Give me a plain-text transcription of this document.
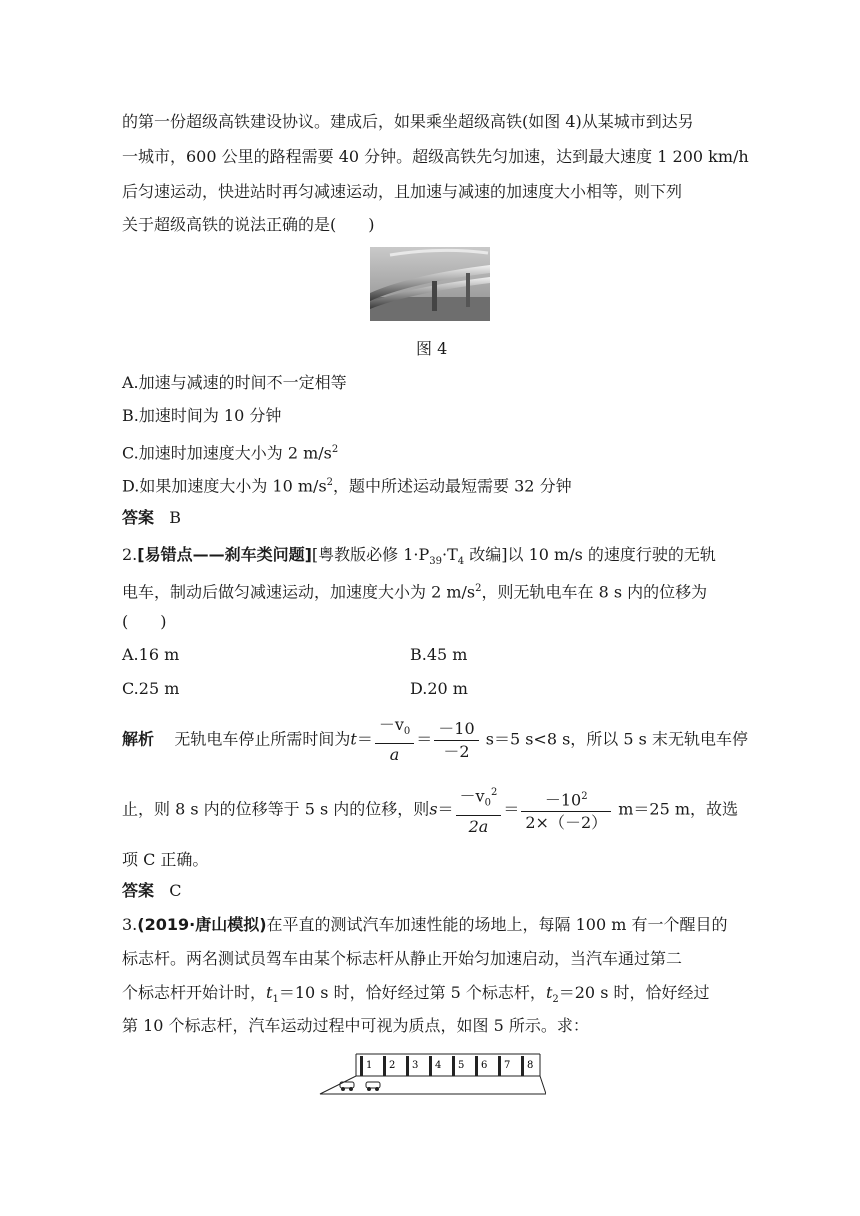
的第一份超级高铁建设协议。建成后，如果乘坐超级高铁(如图 4)从某城市到达另
一城市，600 公里的路程需要 40 分钟。超级高铁先匀加速，达到最大速度 1 200 km/h
后匀速运动，快进站时再匀减速运动，且加速与减速的加速度大小相等，则下列
关于超级高铁的说法正确的是(　　)
图 4
A.加速与减速的时间不一定相等
B.加速时间为 10 分钟
C.加速时加速度大小为 2 $m/s^2$
D.如果加速度大小为 10 $m/s^2$，题中所述运动最短需要 32 分钟
答案 B
2.[易错点——刹车类问题][粤教版必修 $1\cdot P_{39}\cdot T_4$ 改编]以 10 m/s 的速度行驶的无轨
电车，制动后做匀减速运动，加速度大小为 2 $m/s^2$，则无轨电车在 8 s 内的位移为
(　　)
A.16 m	B.45 m
C.25 m	D.20 m
解析 无轨电车停止所需时间为$t= \frac{-v_0}{a} = \frac{-10}{-2} s=5$ s<8 s，所以 5 s 末无轨电车停
止，则 8 s 内的位移等于 5 s 内的位移，则$s= \frac{-v_0^2}{2a} = \frac{-10^2}{2\times(-2)} m=25$ m，故选
项 C 正确。
答案 C
3.(2019·唐山模拟)在平直的测试汽车加速性能的场地上，每隔 100 m 有一个醒目的
标志杆。两名测试员驾车由某个标志杆从静止开始匀加速启动，当汽车通过第二
个标志杆开始计时，$t_1=10$ s 时，恰好经过第 5 个标志杆，$t_2=20$ s 时，恰好经过
第 10 个标志杆，汽车运动过程中可视为质点，如图 5 所示。求：
1 2 3 4 5 6 7 8
